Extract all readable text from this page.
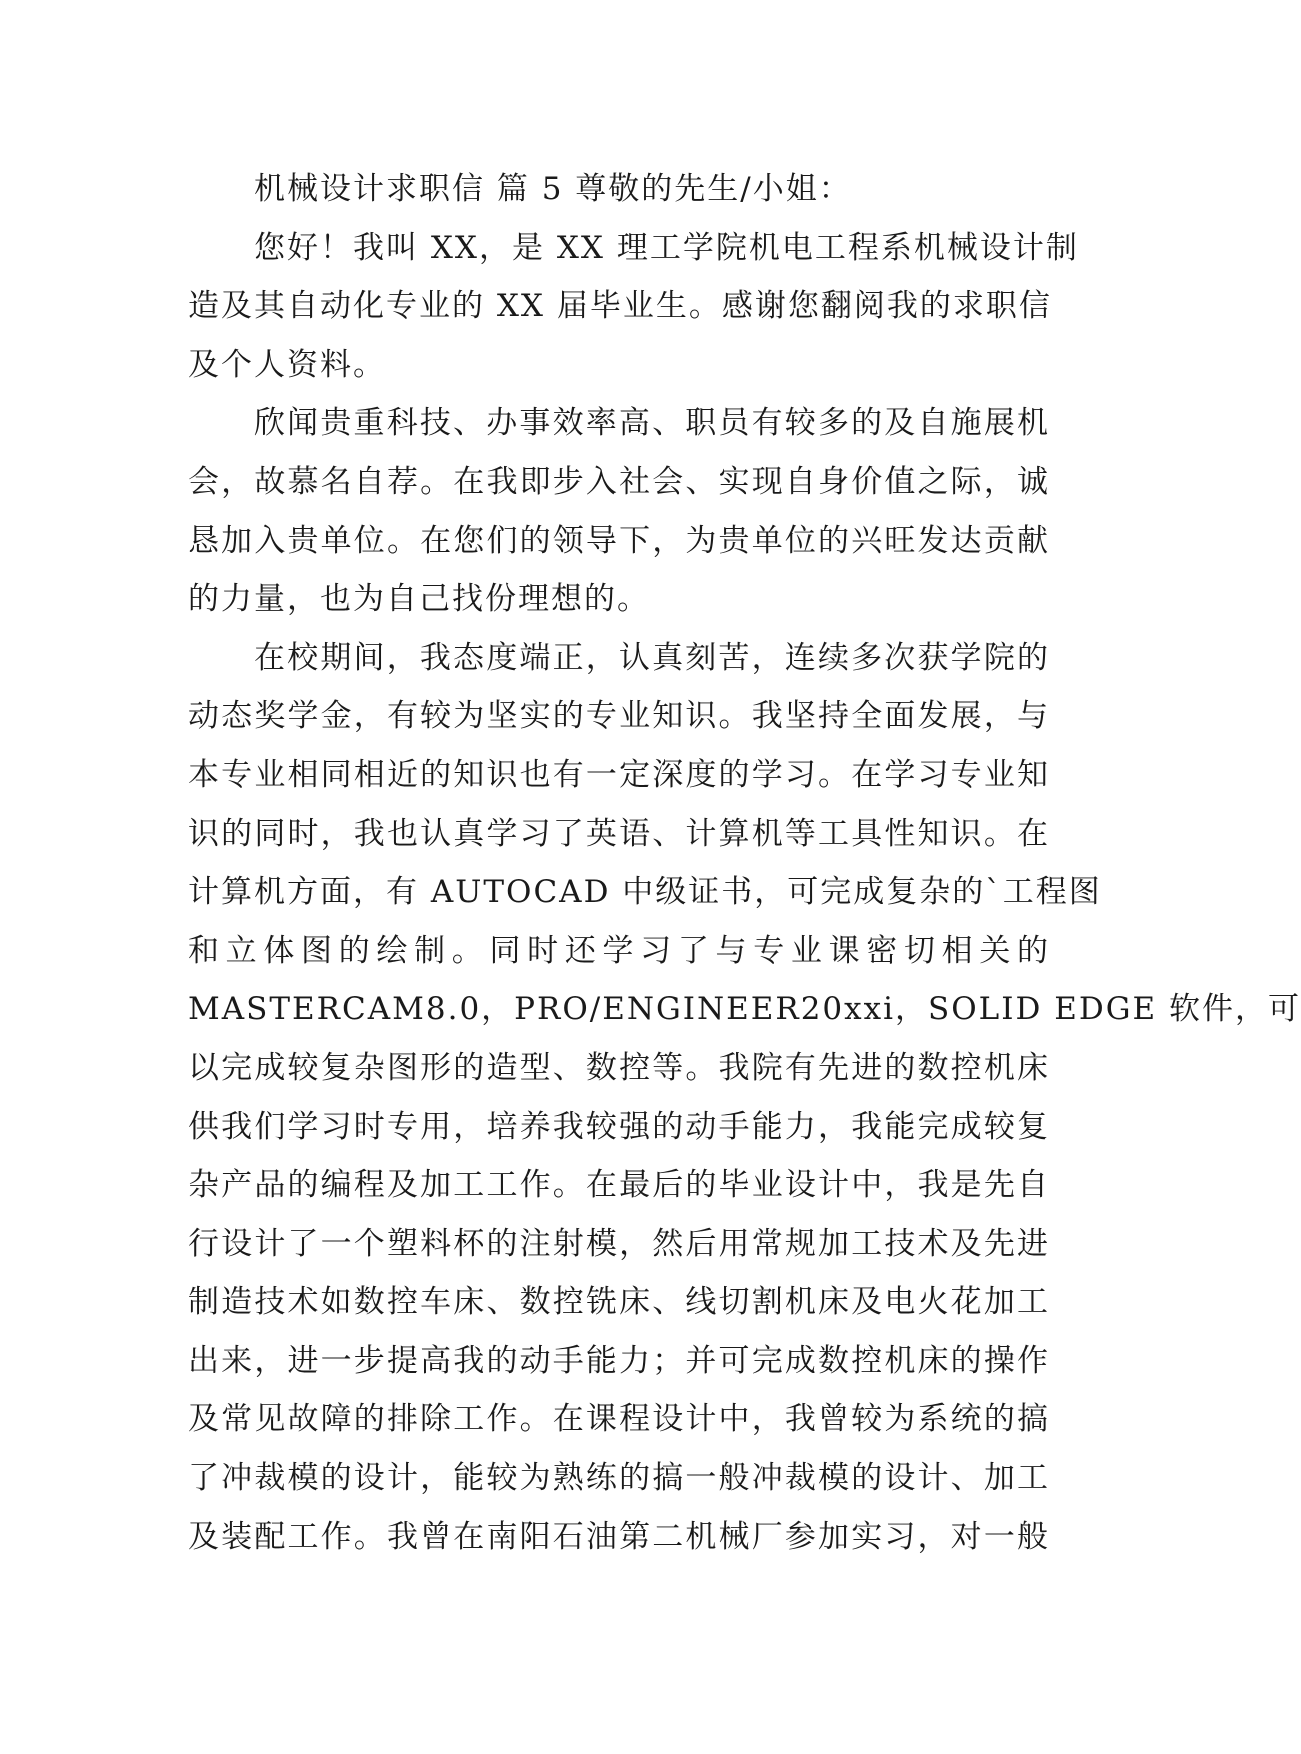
机械设计求职信 篇 5 尊敬的先生/小姐：
您好！我叫 XX，是 XX 理工学院机电工程系机械设计制
造及其自动化专业的 XX 届毕业生。感谢您翻阅我的求职信
及个人资料。
欣闻贵重科技、办事效率高、职员有较多的及自施展机
会，故慕名自荐。在我即步入社会、实现自身价值之际，诚
恳加入贵单位。在您们的领导下，为贵单位的兴旺发达贡献
的力量，也为自己找份理想的。
在校期间，我态度端正，认真刻苦，连续多次获学院的
动态奖学金，有较为坚实的专业知识。我坚持全面发展，与
本专业相同相近的知识也有一定深度的学习。在学习专业知
识的同时，我也认真学习了英语、计算机等工具性知识。在
计算机方面，有 AUTOCAD 中级证书，可完成复杂的`工程图
和立体图的绘制。同时还学习了与专业课密切相关的
MASTERCAM8.0，PRO/ENGINEER20xxi，SOLID EDGE 软件，可
以完成较复杂图形的造型、数控等。我院有先进的数控机床
供我们学习时专用，培养我较强的动手能力，我能完成较复
杂产品的编程及加工工作。在最后的毕业设计中，我是先自
行设计了一个塑料杯的注射模，然后用常规加工技术及先进
制造技术如数控车床、数控铣床、线切割机床及电火花加工
出来，进一步提高我的动手能力；并可完成数控机床的操作
及常见故障的排除工作。在课程设计中，我曾较为系统的搞
了冲裁模的设计，能较为熟练的搞一般冲裁模的设计、加工
及装配工作。我曾在南阳石油第二机械厂参加实习，对一般
